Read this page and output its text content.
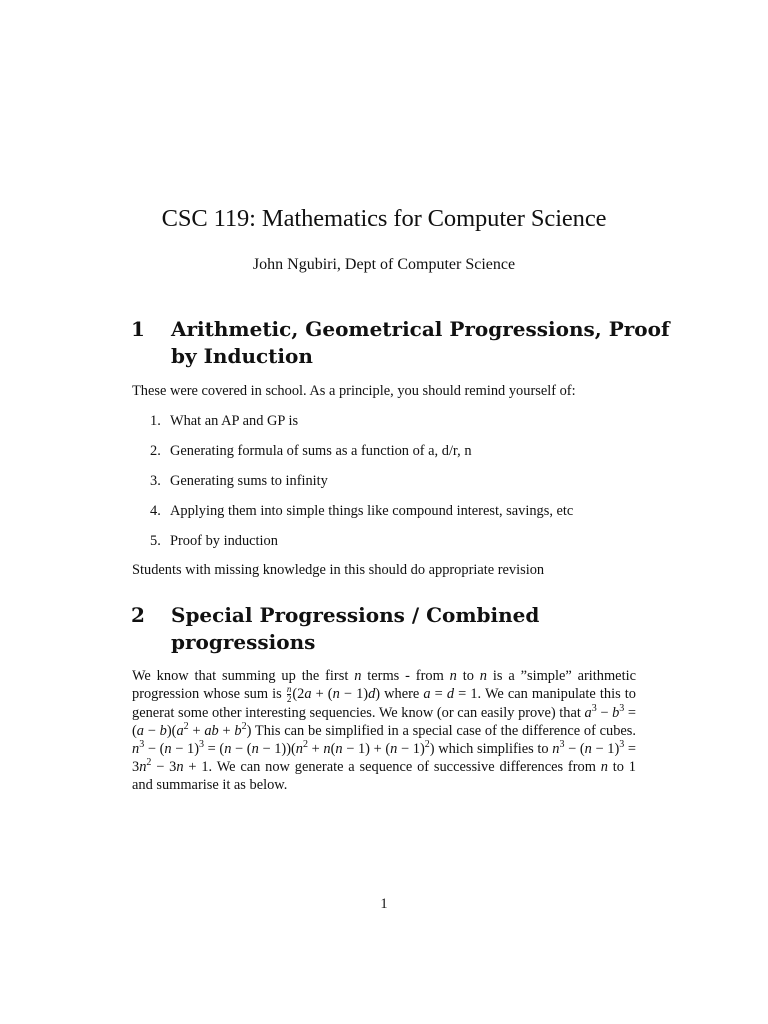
CSC 119: Mathematics for Computer Science
John Ngubiri, Dept of Computer Science
1 Arithmetic, Geometrical Progressions, Proof by Induction
These were covered in school. As a principle, you should remind yourself of:
1. What an AP and GP is
2. Generating formula of sums as a function of a, d/r, n
3. Generating sums to infinity
4. Applying them into simple things like compound interest, savings, etc
5. Proof by induction
Students with missing knowledge in this should do appropriate revision
2 Special Progressions / Combined progressions
We know that summing up the first n terms - from n to n is a ”simple” arithmetic progression whose sum is $\frac{n}{2} (2a + (n - 1)d)$ where a = d = 1. We can manipulate this to generat some other interesting sequencies. We know (or can easily prove) that $a^3 - b^3 = (a - b)(a^2$ + ab + $b^2$) This can be simplified in a special case of the difference of cubes. $n^3 - (n - 1)^3 = (n - (n - 1))(n^2 + n(n - 1) + (n - 1)^2)$ which simplifies to $n^3 - (n - 1)^3 = 3n^2 - 3n + 1$. We can now generate a sequence of successive differences from n to 1 and summarise it as below.
1
